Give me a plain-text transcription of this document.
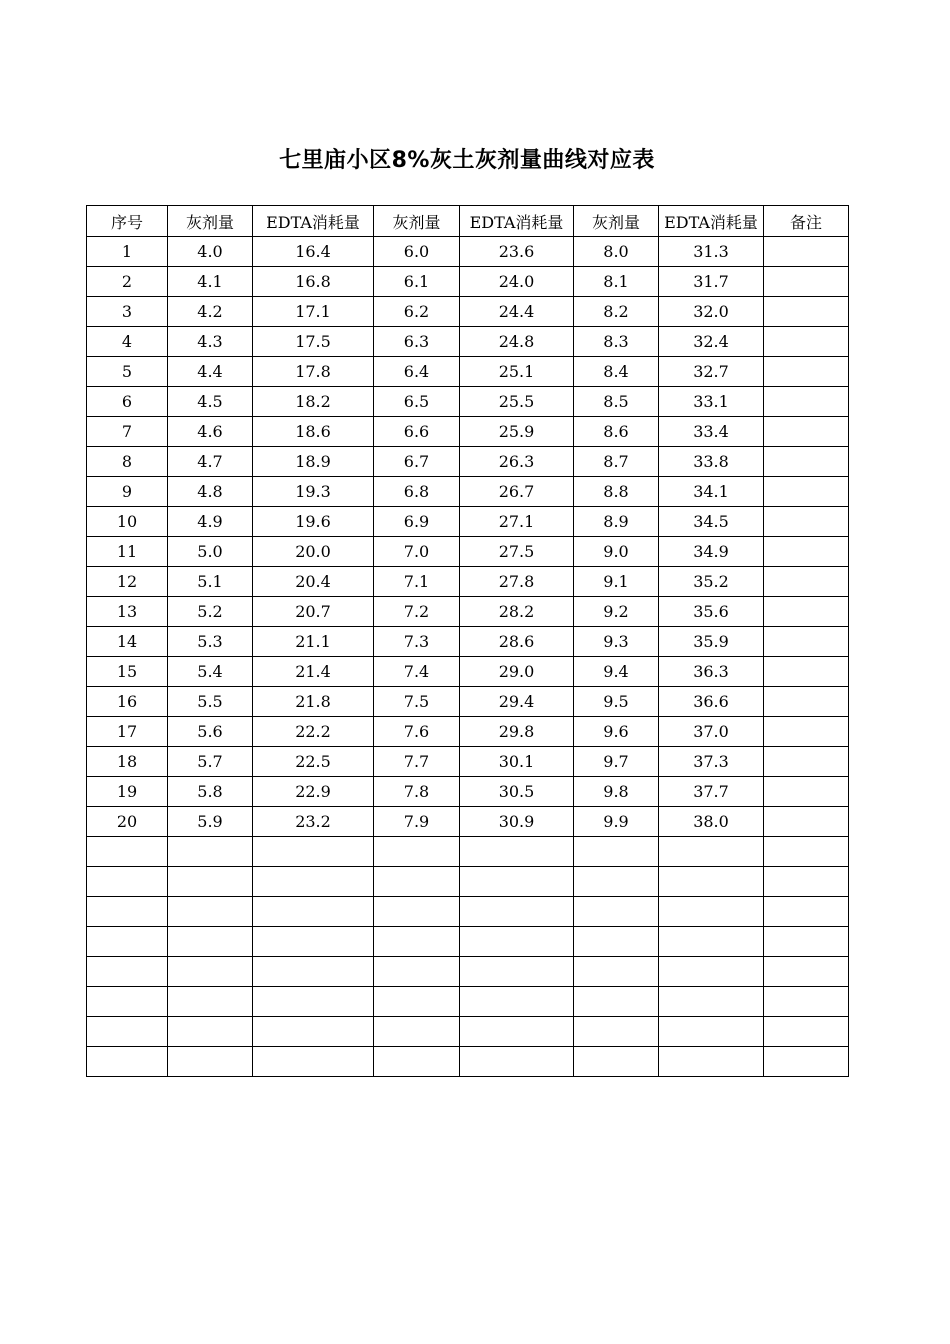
七里庙小区8%灰土灰剂量曲线对应表
序号	灰剂量	EDTA消耗量	灰剂量	EDTA消耗量	灰剂量	EDTA消耗量	备注
1	4.0	16.4	6.0	23.6	8.0	31.3	
2	4.1	16.8	6.1	24.0	8.1	31.7	
3	4.2	17.1	6.2	24.4	8.2	32.0	
4	4.3	17.5	6.3	24.8	8.3	32.4	
5	4.4	17.8	6.4	25.1	8.4	32.7	
6	4.5	18.2	6.5	25.5	8.5	33.1	
7	4.6	18.6	6.6	25.9	8.6	33.4	
8	4.7	18.9	6.7	26.3	8.7	33.8	
9	4.8	19.3	6.8	26.7	8.8	34.1	
10	4.9	19.6	6.9	27.1	8.9	34.5	
11	5.0	20.0	7.0	27.5	9.0	34.9	
12	5.1	20.4	7.1	27.8	9.1	35.2	
13	5.2	20.7	7.2	28.2	9.2	35.6	
14	5.3	21.1	7.3	28.6	9.3	35.9	
15	5.4	21.4	7.4	29.0	9.4	36.3	
16	5.5	21.8	7.5	29.4	9.5	36.6	
17	5.6	22.2	7.6	29.8	9.6	37.0	
18	5.7	22.5	7.7	30.1	9.7	37.3	
19	5.8	22.9	7.8	30.5	9.8	37.7	
20	5.9	23.2	7.9	30.9	9.9	38.0	
